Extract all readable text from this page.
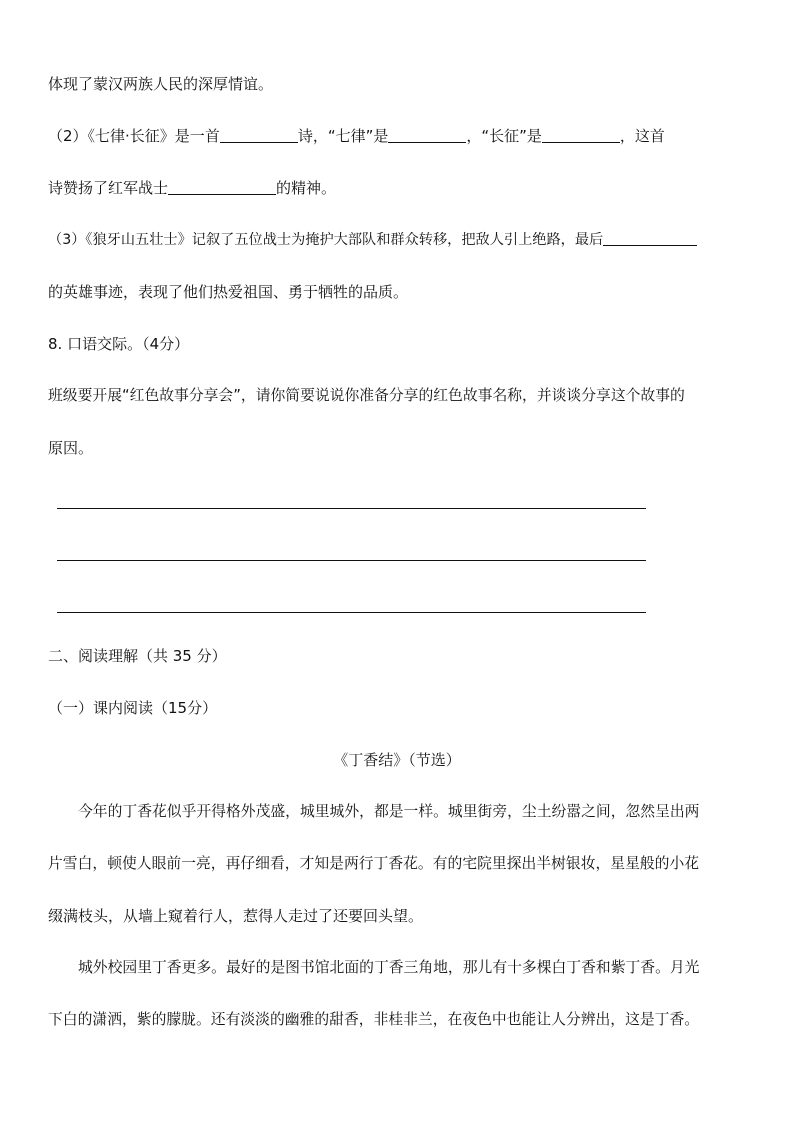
体现了蒙汉两族人民的深厚情谊。
（2）《七律·长征》是一首	诗，“七律”是	，“长征”是	，这首
诗赞扬了红军战士	的精神。
（3）《狼牙山五壮士》记叙了五位战士为掩护大部队和群众转移，把敌人引上绝路，最后
的英雄事迹，表现了他们热爱祖国、勇于牺牲的品质。
8. 口语交际。（4分）
班级要开展“红色故事分享会”，请你简要说说你准备分享的红色故事名称，并谈谈分享这个故事的
原因。
二、阅读理解（共 35 分）
（一）课内阅读（15分）
《丁香结》（节选）
今年的丁香花似乎开得格外茂盛，城里城外，都是一样。城里街旁，尘土纷嚣之间，忽然呈出两
片雪白，顿使人眼前一亮，再仔细看，才知是两行丁香花。有的宅院里探出半树银妆，星星般的小花
缀满枝头，从墙上窥着行人，惹得人走过了还要回头望。
城外校园里丁香更多。最好的是图书馆北面的丁香三角地，那儿有十多棵白丁香和紫丁香。月光
下白的潇洒，紫的朦胧。还有淡淡的幽雅的甜香，非桂非兰，在夜色中也能让人分辨出，这是丁香。
